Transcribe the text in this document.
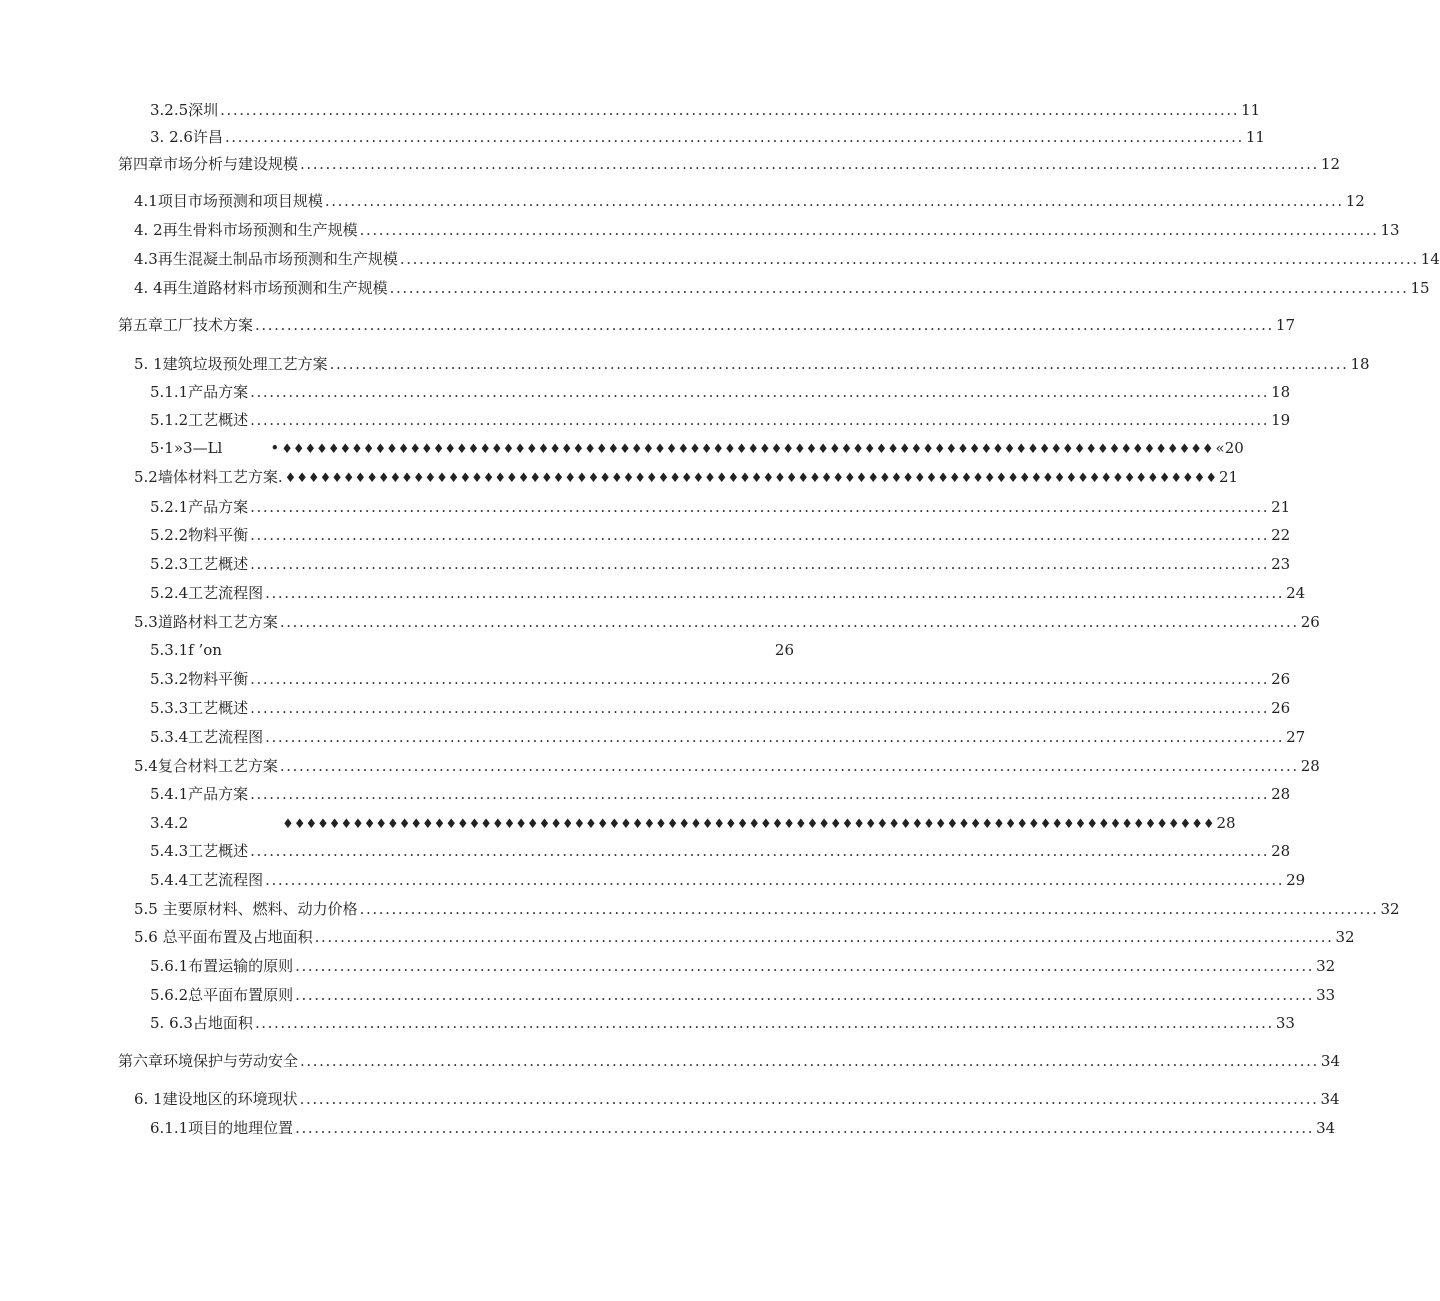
3.2.5深圳 ................................................................................................................................................................ 11
3. 2.6许昌 ................................................................................................................................................................ 11
第四章市场分析与建设规模 ................................................................................................................................................................ 12
4.1项目市场预测和项目规模 ................................................................................................................................................................ 12
4. 2再生骨料市场预测和生产规模 ................................................................................................................................................................ 13
4.3再生混凝土制品市场预测和生产规模 ................................................................................................................................................................ 14
4. 4再生道路材料市场预测和生产规模 ................................................................................................................................................................ 15
第五章工厂技术方案 ................................................................................................................................................................ 17
5. 1建筑垃圾预处理工艺方案 ................................................................................................................................................................ 18
5.1.1产品方案 ................................................................................................................................................................ 18
5.1.2工艺概述 ................................................................................................................................................................ 19
5·1»3—Ll	• ♦♦♦♦♦♦♦♦♦♦♦♦♦♦♦♦♦♦♦♦♦♦♦♦♦♦♦♦♦♦♦♦♦♦♦♦♦♦♦♦♦♦♦♦♦♦♦♦♦♦♦♦♦♦♦♦♦♦♦♦♦♦♦♦♦♦♦♦♦♦♦♦♦♦♦♦♦♦♦♦ «20
5.2墙体材料工艺方案. ♦♦♦♦♦♦♦♦♦♦♦♦♦♦♦♦♦♦♦♦♦♦♦♦♦♦♦♦♦♦♦♦♦♦♦♦♦♦♦♦♦♦♦♦♦♦♦♦♦♦♦♦♦♦♦♦♦♦♦♦♦♦♦♦♦♦♦♦♦♦♦♦♦♦♦♦♦♦♦♦ 21
5.2.1产品方案 ................................................................................................................................................................ 21
5.2.2物料平衡 ................................................................................................................................................................ 22
5.2.3工艺概述 ................................................................................................................................................................ 23
5.2.4工艺流程图 ................................................................................................................................................................ 24
5.3道路材料工艺方案 ................................................................................................................................................................ 26
5.3.1f ’on	26
5.3.2物料平衡 ................................................................................................................................................................ 26
5.3.3工艺概述 ................................................................................................................................................................ 26
5.3.4工艺流程图 ................................................................................................................................................................ 27
5.4复合材料工艺方案 ................................................................................................................................................................ 28
5.4.1产品方案 ................................................................................................................................................................ 28
3.4.2	♦♦♦♦♦♦♦♦♦♦♦♦♦♦♦♦♦♦♦♦♦♦♦♦♦♦♦♦♦♦♦♦♦♦♦♦♦♦♦♦♦♦♦♦♦♦♦♦♦♦♦♦♦♦♦♦♦♦♦♦♦♦♦♦♦♦♦♦♦♦♦♦♦♦♦♦♦♦♦♦ 28
5.4.3工艺概述 ................................................................................................................................................................ 28
5.4.4工艺流程图 ................................................................................................................................................................ 29
5.5 主要原材料、燃料、动力价格 ................................................................................................................................................................ 32
5.6 总平面布置及占地面积 ................................................................................................................................................................ 32
5.6.1布置运输的原则 ................................................................................................................................................................ 32
5.6.2总平面布置原则 ................................................................................................................................................................ 33
5. 6.3占地面积 ................................................................................................................................................................ 33
第六章环境保护与劳动安全 ................................................................................................................................................................ 34
6. 1建设地区的环境现状 ................................................................................................................................................................ 34
6.1.1项目的地理位置 ................................................................................................................................................................ 34
